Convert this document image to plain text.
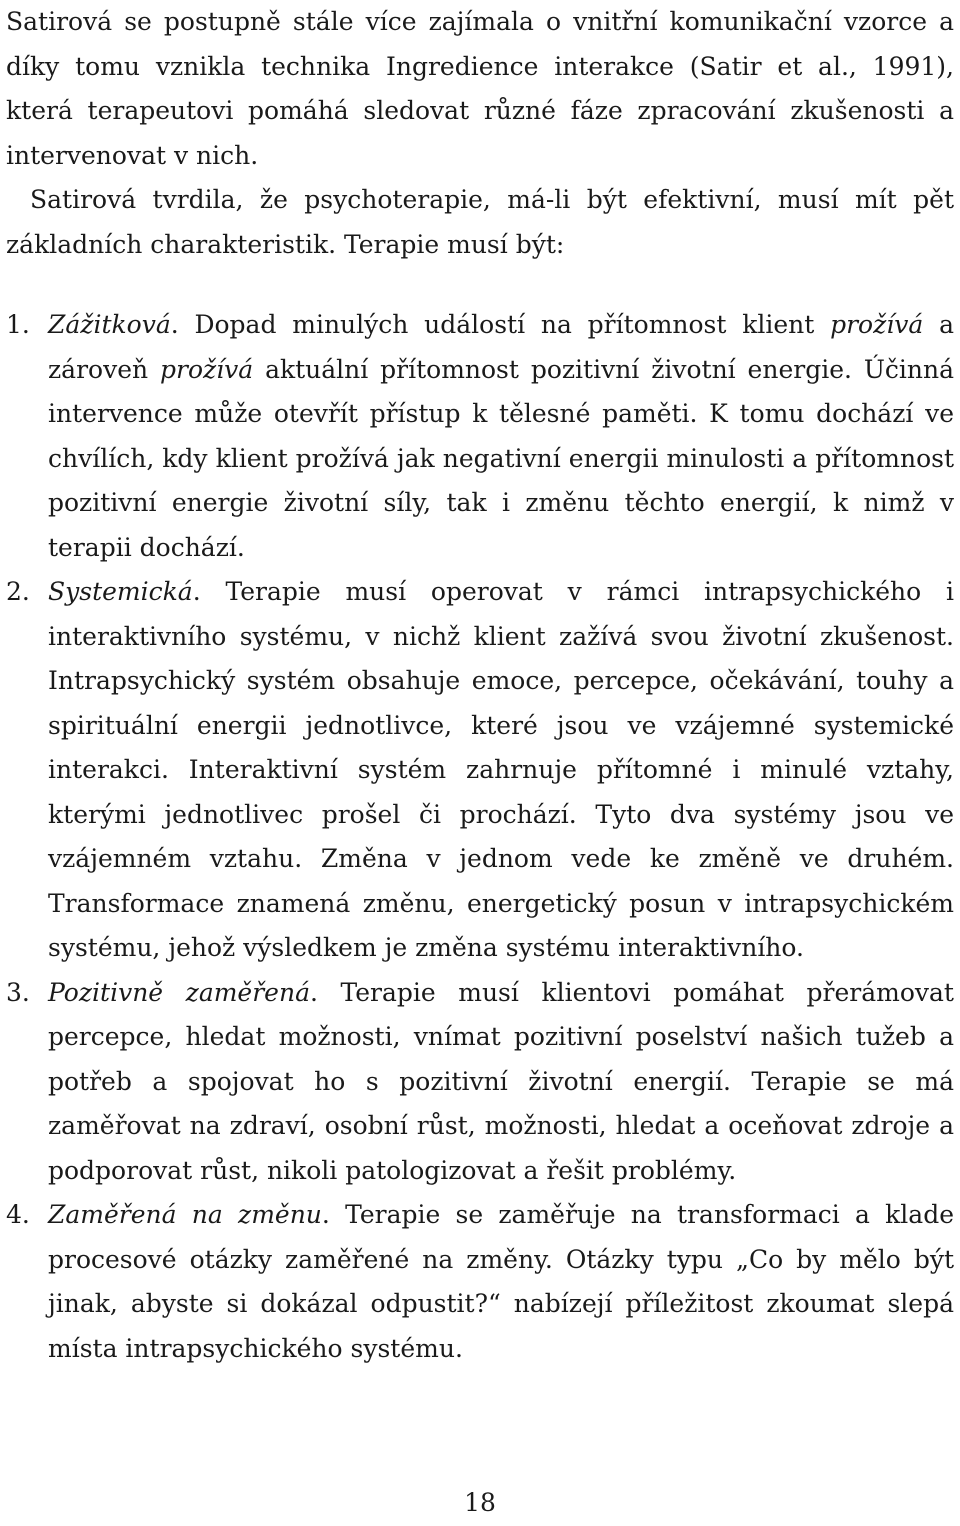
Satirová se postupně stále více zajímala o vnitřní komunikační vzorce a díky tomu vznikla technika Ingredience interakce (Satir et al., 1991), která terapeutovi pomáhá sledovat různé fáze zpracování zkušenosti a intervenovat v nich.

Satirová tvrdila, že psychoterapie, má-li být efektivní, musí mít pět základních charakteristik. Terapie musí být:

1. Zážitková. Dopad minulých událostí na přítomnost klient prožívá a zároveň prožívá aktuální přítomnost pozitivní životní energie. Účinná intervence může otevřít přístup k tělesné paměti. K tomu dochází ve chvílích, kdy klient prožívá jak negativní energii minulosti a přítomnost pozitivní energie životní síly, tak i změnu těchto energií, k nimž v terapii dochází.
2. Systemická. Terapie musí operovat v rámci intrapsychického i interaktivního systému, v nichž klient zažívá svou životní zkušenost. Intrapsychický systém obsahuje emoce, percepce, očekávání, touhy a spirituální energii jednotlivce, které jsou ve vzájemné systemické interakci. Interaktivní systém zahrnuje přítomné i minulé vztahy, kterými jednotlivec prošel či prochází. Tyto dva systémy jsou ve vzájemném vztahu. Změna v jednom vede ke změně ve druhém. Transformace znamená změnu, energetický posun v intrapsychickém systému, jehož výsledkem je změna systému interaktivního.
3. Pozitivně zaměřená. Terapie musí klientovi pomáhat přerámovat percepce, hledat možnosti, vnímat pozitivní poselství našich tužeb a potřeb a spojovat ho s pozitivní životní energií. Terapie se má zaměřovat na zdraví, osobní růst, možnosti, hledat a oceňovat zdroje a podporovat růst, nikoli patologizovat a řešit problémy.
4. Zaměřená na změnu. Terapie se zaměřuje na transformaci a klade procesové otázky zaměřené na změny. Otázky typu „Co by mělo být jinak, abyste si dokázal odpustit?“ nabízejí příležitost zkoumat slepá místa intrapsychického systému.
18
